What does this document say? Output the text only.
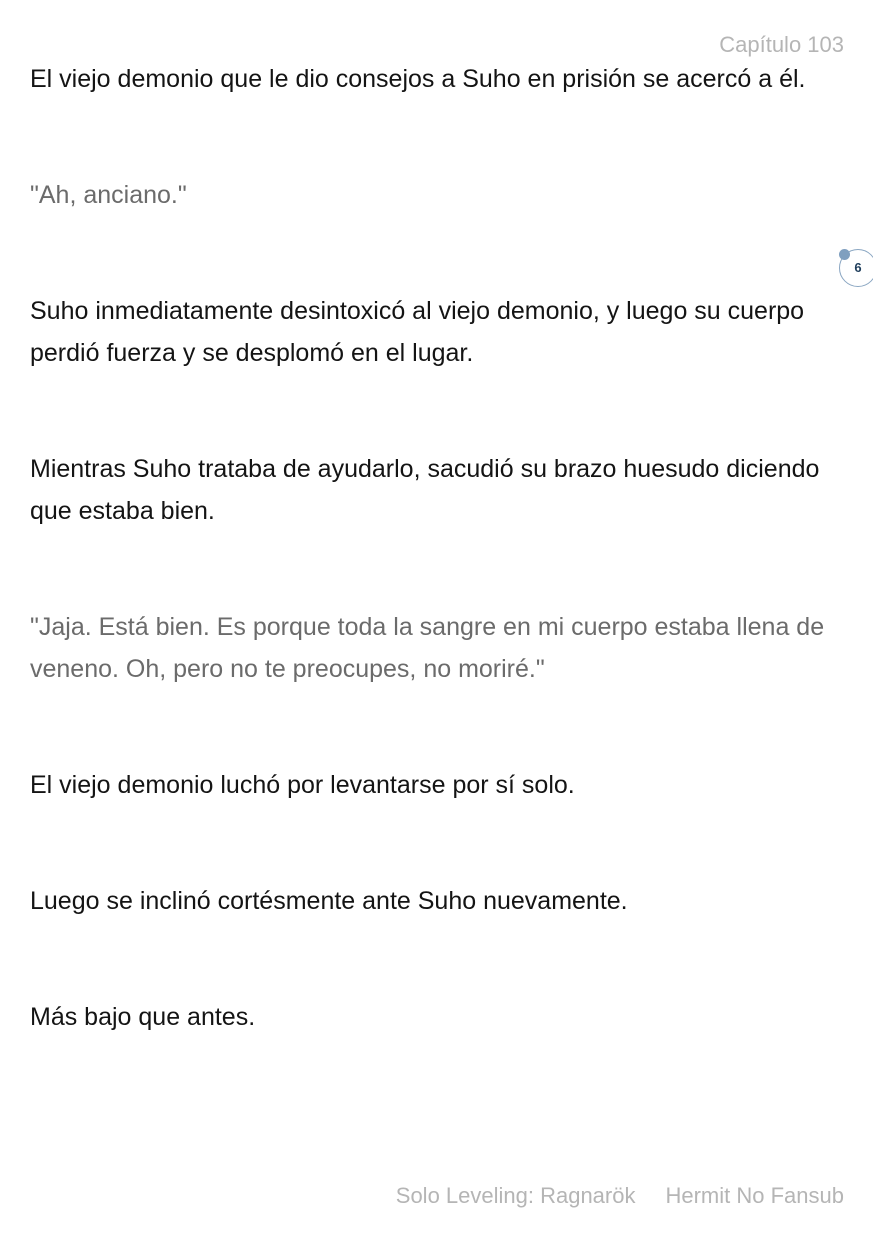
Capítulo 103

El viejo demonio que le dio consejos a Suho en prisión se acercó a él.

"Ah, anciano."

Suho inmediatamente desintoxicó al viejo demonio, y luego su cuerpo perdió fuerza y se desplomó en el lugar.

Mientras Suho trataba de ayudarlo, sacudió su brazo huesudo diciendo que estaba bien.

"Jaja. Está bien. Es porque toda la sangre en mi cuerpo estaba llena de veneno. Oh, pero no te preocupes, no moriré."

El viejo demonio luchó por levantarse por sí solo.

Luego se inclinó cortésmente ante Suho nuevamente.

Más bajo que antes.

6
Solo Leveling: Ragnarök Hermit No Fansub
